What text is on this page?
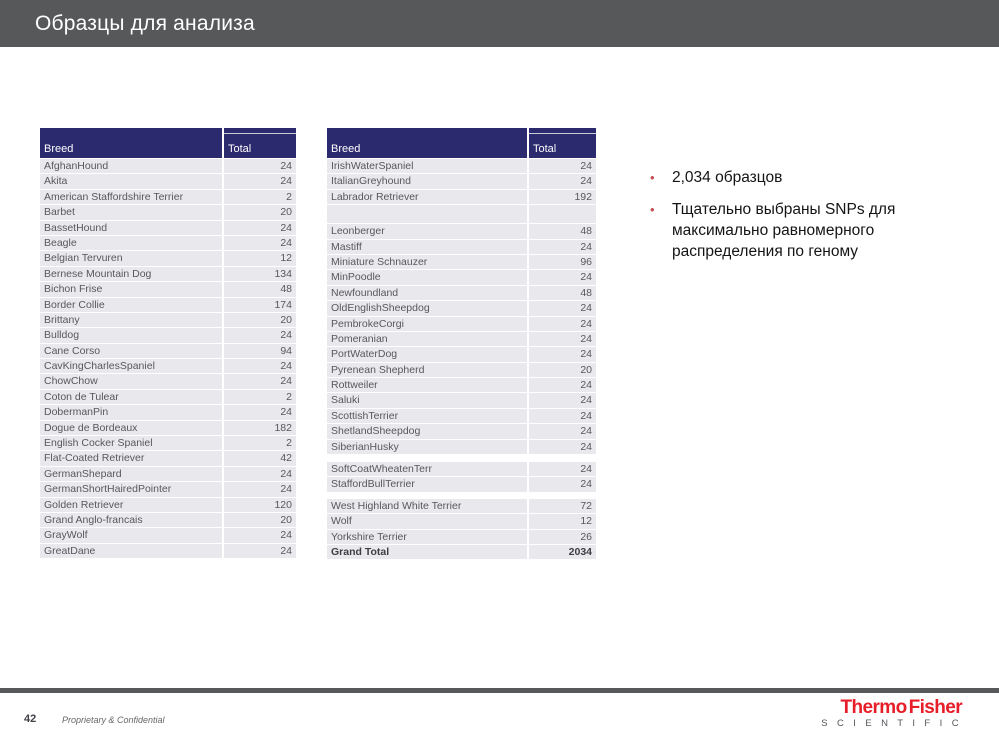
Образцы для анализа
Breed	Total
AfghanHound	24
Akita	24
American Staffordshire Terrier	2
Barbet	20
BassetHound	24
Beagle	24
Belgian Tervuren	12
Bernese Mountain Dog	134
Bichon Frise	48
Border Collie	174
Brittany	20
Bulldog	24
Cane Corso	94
CavKingCharlesSpaniel	24
ChowChow	24
Coton de Tulear	2
DobermanPin	24
Dogue de Bordeaux	182
English Cocker Spaniel	2
Flat-Coated Retriever	42
GermanShepard	24
GermanShortHairedPointer	24
Golden Retriever	120
Grand Anglo-francais	20
GrayWolf	24
GreatDane	24
Breed	Total
IrishWaterSpaniel	24
ItalianGreyhound	24
Labrador Retriever	192
Leonberger	48
Mastiff	24
Miniature Schnauzer	96
MinPoodle	24
Newfoundland	48
OldEnglishSheepdog	24
PembrokeCorgi	24
Pomeranian	24
PortWaterDog	24
Pyrenean Shepherd	20
Rottweiler	24
Saluki	24
ScottishTerrier	24
ShetlandSheepdog	24
SiberianHusky	24
SoftCoatWheatenTerr	24
StaffordBullTerrier	24
West Highland White Terrier	72
Wolf	12
Yorkshire Terrier	26
Grand Total	2034
•	2,034 образцов
•	Тщательно выбраны SNPs для максимально равномерного распределения по геному
42	Proprietary & Confidential
Thermo Fisher
S C I E N T I F I C
